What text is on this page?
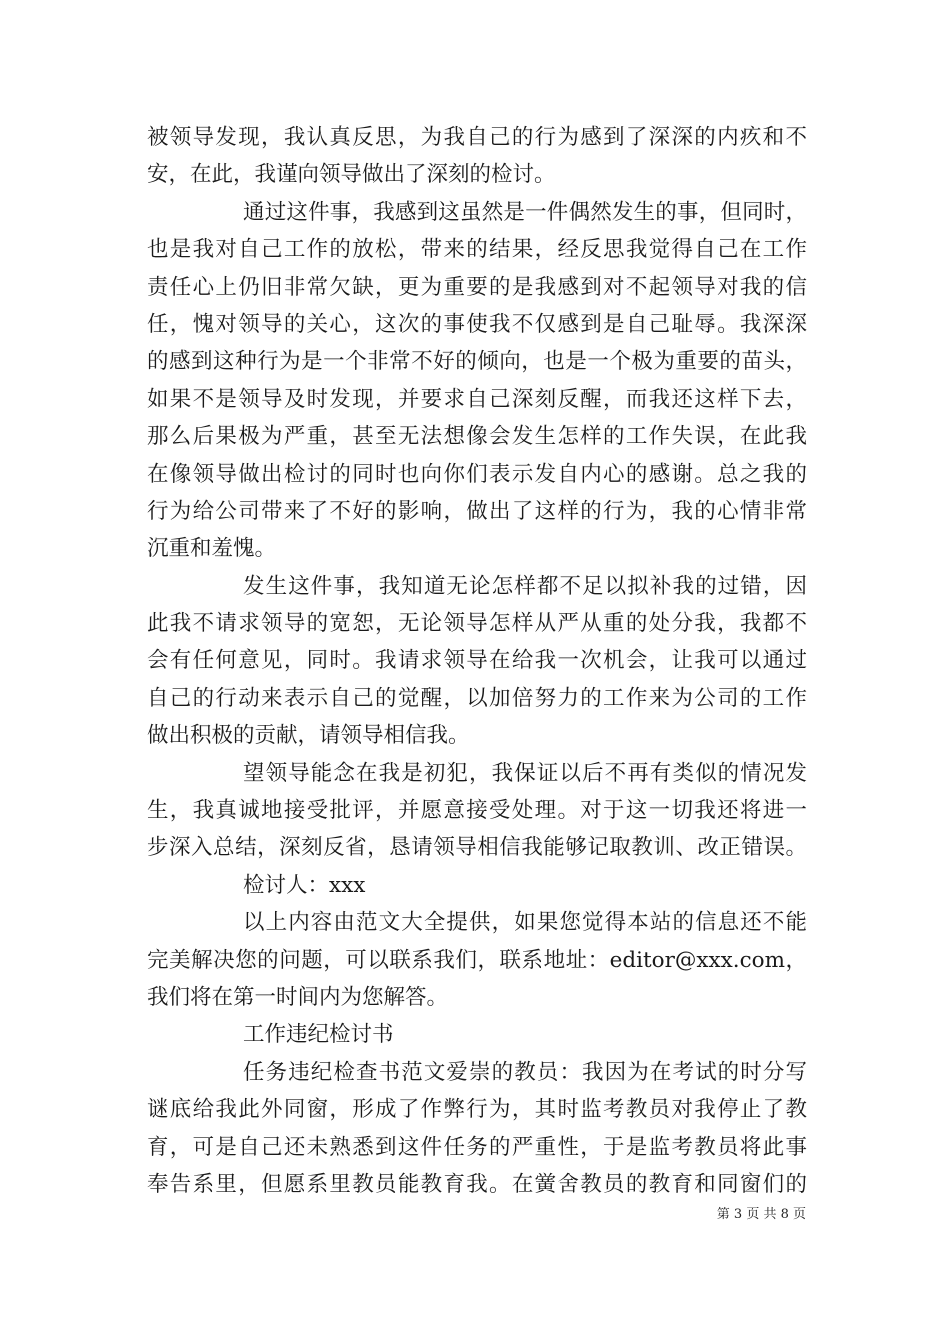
被领导发现，我认真反思，为我自己的行为感到了深深的内疚和不
安，在此，我谨向领导做出了深刻的检讨。
通过这件事，我感到这虽然是一件偶然发生的事，但同时，
也是我对自己工作的放松，带来的结果，经反思我觉得自己在工作
责任心上仍旧非常欠缺，更为重要的是我感到对不起领导对我的信
任，愧对领导的关心，这次的事使我不仅感到是自己耻辱。我深深
的感到这种行为是一个非常不好的倾向，也是一个极为重要的苗头，
如果不是领导及时发现，并要求自己深刻反醒，而我还这样下去，
那么后果极为严重，甚至无法想像会发生怎样的工作失误，在此我
在像领导做出检讨的同时也向你们表示发自内心的感谢。总之我的
行为给公司带来了不好的影响，做出了这样的行为，我的心情非常
沉重和羞愧。
发生这件事，我知道无论怎样都不足以拟补我的过错，因
此我不请求领导的宽恕，无论领导怎样从严从重的处分我，我都不
会有任何意见，同时。我请求领导在给我一次机会，让我可以通过
自己的行动来表示自己的觉醒，以加倍努力的工作来为公司的工作
做出积极的贡献，请领导相信我。
望领导能念在我是初犯，我保证以后不再有类似的情况发
生，我真诚地接受批评，并愿意接受处理。对于这一切我还将进一
步深入总结，深刻反省，恳请领导相信我能够记取教训、改正错误。
检讨人：xxx
以上内容由范文大全提供，如果您觉得本站的信息还不能
完美解决您的问题，可以联系我们，联系地址：editor@xxx.com，
我们将在第一时间内为您解答。
工作违纪检讨书
任务违纪检查书范文爱崇的教员：我因为在考试的时分写
谜底给我此外同窗，形成了作弊行为，其时监考教员对我停止了教
育，可是自己还未熟悉到这件任务的严重性，于是监考教员将此事
奉告系里，但愿系里教员能教育我。在黉舍教员的教育和同窗们的
第 3 页 共 8 页
